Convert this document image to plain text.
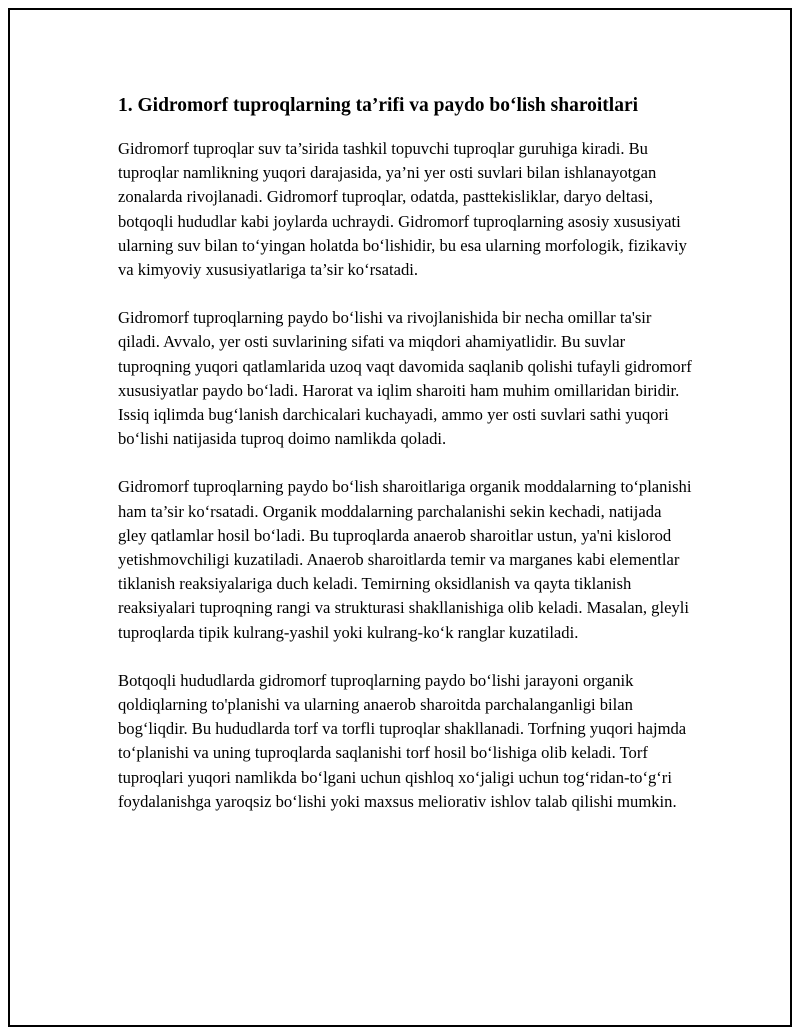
1. Gidromorf tuproqlarning ta’rifi va paydo bo‘lish sharoitlari

Gidromorf tuproqlar suv ta’sirida tashkil topuvchi tuproqlar guruhiga kiradi. Bu tuproqlar namlikning yuqori darajasida, ya’ni yer osti suvlari bilan ishlanayotgan zonalarda rivojlanadi. Gidromorf tuproqlar, odatda, pasttekisliklar, daryo deltasi, botqoqli hududlar kabi joylarda uchraydi. Gidromorf tuproqlarning asosiy xususiyati ularning suv bilan to‘yingan holatda bo‘lishidir, bu esa ularning morfologik, fizikaviy va kimyoviy xususiyatlariga ta’sir ko‘rsatadi.

Gidromorf tuproqlarning paydo bo‘lishi va rivojlanishida bir necha omillar ta'sir qiladi. Avvalo, yer osti suvlarining sifati va miqdori ahamiyatlidir. Bu suvlar tuproqning yuqori qatlamlarida uzoq vaqt davomida saqlanib qolishi tufayli gidromorf xususiyatlar paydo bo‘ladi. Harorat va iqlim sharoiti ham muhim omillaridan biridir. Issiq iqlimda bug‘lanish darchicalari kuchayadi, ammo yer osti suvlari sathi yuqori bo‘lishi natijasida tuproq doimo namlikda qoladi.

Gidromorf tuproqlarning paydo bo‘lish sharoitlariga organik moddalarning to‘planishi ham ta’sir ko‘rsatadi. Organik moddalarning parchalanishi sekin kechadi, natijada gley qatlamlar hosil bo‘ladi. Bu tuproqlarda anaerob sharoitlar ustun, ya'ni kislorod yetishmovchiligi kuzatiladi. Anaerob sharoitlarda temir va marganes kabi elementlar tiklanish reaksiyalariga duch keladi. Temirning oksidlanish va qayta tiklanish reaksiyalari tuproqning rangi va strukturasi shakllanishiga olib keladi. Masalan, gleyli tuproqlarda tipik kulrang-yashil yoki kulrang-ko‘k ranglar kuzatiladi.

Botqoqli hududlarda gidromorf tuproqlarning paydo bo‘lishi jarayoni organik qoldiqlarning to'planishi va ularning anaerob sharoitda parchalanganligi bilan bog‘liqdir. Bu hududlarda torf va torfli tuproqlar shakllanadi. Torfning yuqori hajmda to‘planishi va uning tuproqlarda saqlanishi torf hosil bo‘lishiga olib keladi. Torf tuproqlari yuqori namlikda bo‘lgani uchun qishloq xo‘jaligi uchun tog‘ridan-to‘g‘ri foydalanishga yaroqsiz bo‘lishi yoki maxsus meliorativ ishlov talab qilishi mumkin.
